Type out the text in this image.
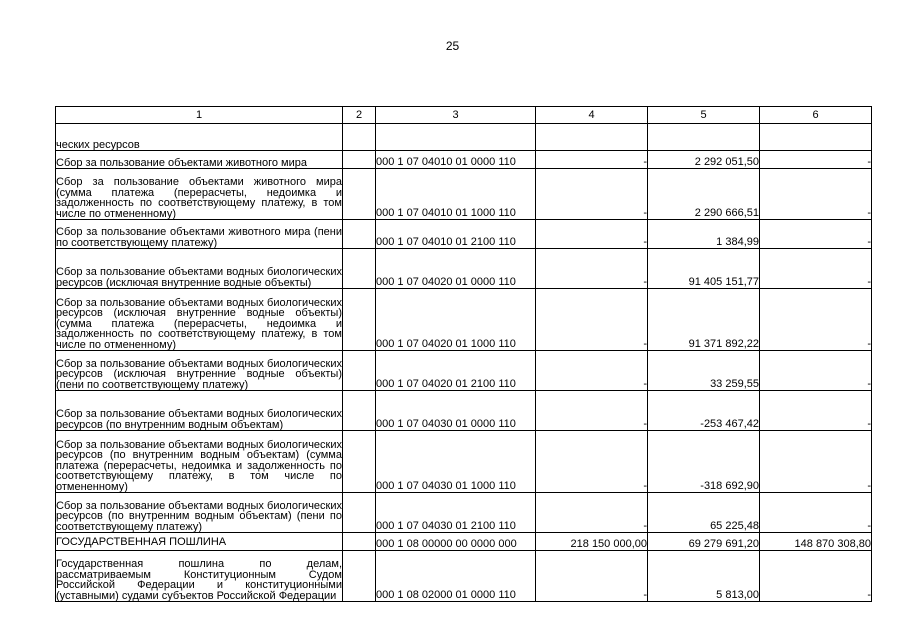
25
1	2	3	4	5	6
ческих ресурсов					
Сбор за пользование объектами животного мира		000 1 07 04010 01 0000 110	-	2 292 051,50	-
Сбор за пользование объектами животного мира (сумма платежа (перерасчеты, недоимка и задолженность по соответствующему платежу, в том числе по отмененному)		000 1 07 04010 01 1000 110	-	2 290 666,51	-
Сбор за пользование объектами животного мира (пени по соответствующему платежу)		000 1 07 04010 01 2100 110	-	1 384,99	-
Сбор за пользование объектами водных биологических ресурсов (исключая внутренние водные объекты)		000 1 07 04020 01 0000 110	-	91 405 151,77	-
Сбор за пользование объектами водных биологических ресурсов (исключая внутренние водные объекты) (сумма платежа (перерасчеты, недоимка и задолженность по соответствующему платежу, в том числе по отмененному)		000 1 07 04020 01 1000 110	-	91 371 892,22	-
Сбор за пользование объектами водных биологических ресурсов (исключая внутренние водные объекты) (пени по соответствующему платежу)		000 1 07 04020 01 2100 110	-	33 259,55	-
Сбор за пользование объектами водных биологических ресурсов (по внутренним водным объектам)		000 1 07 04030 01 0000 110	-	-253 467,42	-
Сбор за пользование объектами водных биологических ресурсов (по внутренним водным объектам) (сумма платежа (перерасчеты, недоимка и задолженность по соответствующему платежу, в том числе по отмененному)		000 1 07 04030 01 1000 110	-	-318 692,90	-
Сбор за пользование объектами водных биологических ресурсов (по внутренним водным объектам) (пени по соответствующему платежу)		000 1 07 04030 01 2100 110	-	65 225,48	-
ГОСУДАРСТВЕННАЯ ПОШЛИНА		000 1 08 00000 00 0000 000	218 150 000,00	69 279 691,20	148 870 308,80
Государственная пошлина по делам, рассматриваемым Конституционным Судом Российской Федерации и конституционными (уставными) судами субъектов Российской Федерации		000 1 08 02000 01 0000 110	-	5 813,00	-
